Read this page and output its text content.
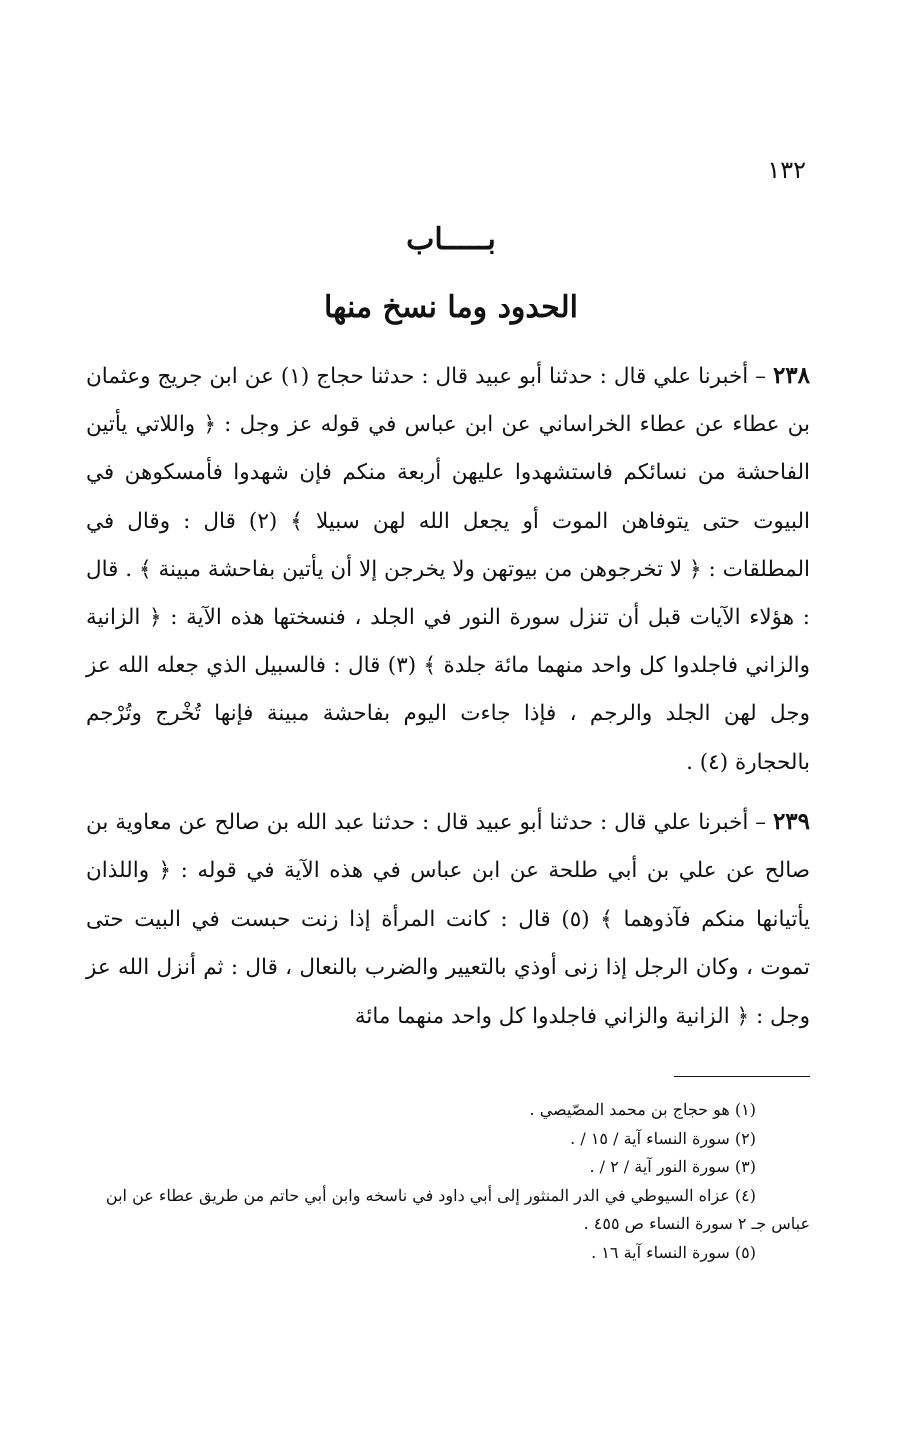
١٣٢
بـــــاب
الحدود وما نسخ منها

٢٣٨ – أخبرنا علي قال : حدثنا أبو عبيد قال : حدثنا حجاج (١) عن ابن جريج وعثمان بن عطاء عن عطاء الخراساني عن ابن عباس في قوله عز وجل : ﴿ واللاتي يأتين الفاحشة من نسائكم فاستشهدوا عليهن أربعة منكم فإن شهدوا فأمسكوهن في البيوت حتى يتوفاهن الموت أو يجعل الله لهن سبيلا ﴾ (٢) قال : وقال في المطلقات : ﴿ لا تخرجوهن من بيوتهن ولا يخرجن إلا أن يأتين بفاحشة مبينة ﴾ . قال : هؤلاء الآيات قبل أن تنزل سورة النور في الجلد ، فنسختها هذه الآية : ﴿ الزانية والزاني فاجلدوا كل واحد منهما مائة جلدة ﴾ (٣) قال : فالسبيل الذي جعله الله عز وجل لهن الجلد والرجم ، فإذا جاءت اليوم بفاحشة مبينة فإنها تُخْرج وتُرْجم بالحجارة (٤) .

٢٣٩ – أخبرنا علي قال : حدثنا أبو عبيد قال : حدثنا عبد الله بن صالح عن معاوية بن صالح عن علي بن أبي طلحة عن ابن عباس في هذه الآية في قوله : ﴿ واللذان يأتيانها منكم فآذوهما ﴾ (٥) قال : كانت المرأة إذا زنت حبست في البيت حتى تموت ، وكان الرجل إذا زنى أوذي بالتعيير والضرب بالنعال ، قال : ثم أنزل الله عز وجل : ﴿ الزانية والزاني فاجلدوا كل واحد منهما مائة

(١) هو حجاج بن محمد المصّيصي .

(٢) سورة النساء آية / ١٥ / .

(٣) سورة النور آية / ٢ / .

(٤) عزاه السيوطي في الدر المنثور إلى أبي داود في ناسخه وابن أبي حاتم من طريق عطاء عن ابن

عباس جـ ٢ سورة النساء ص ٤٥٥ .

(٥) سورة النساء آية ١٦ .
